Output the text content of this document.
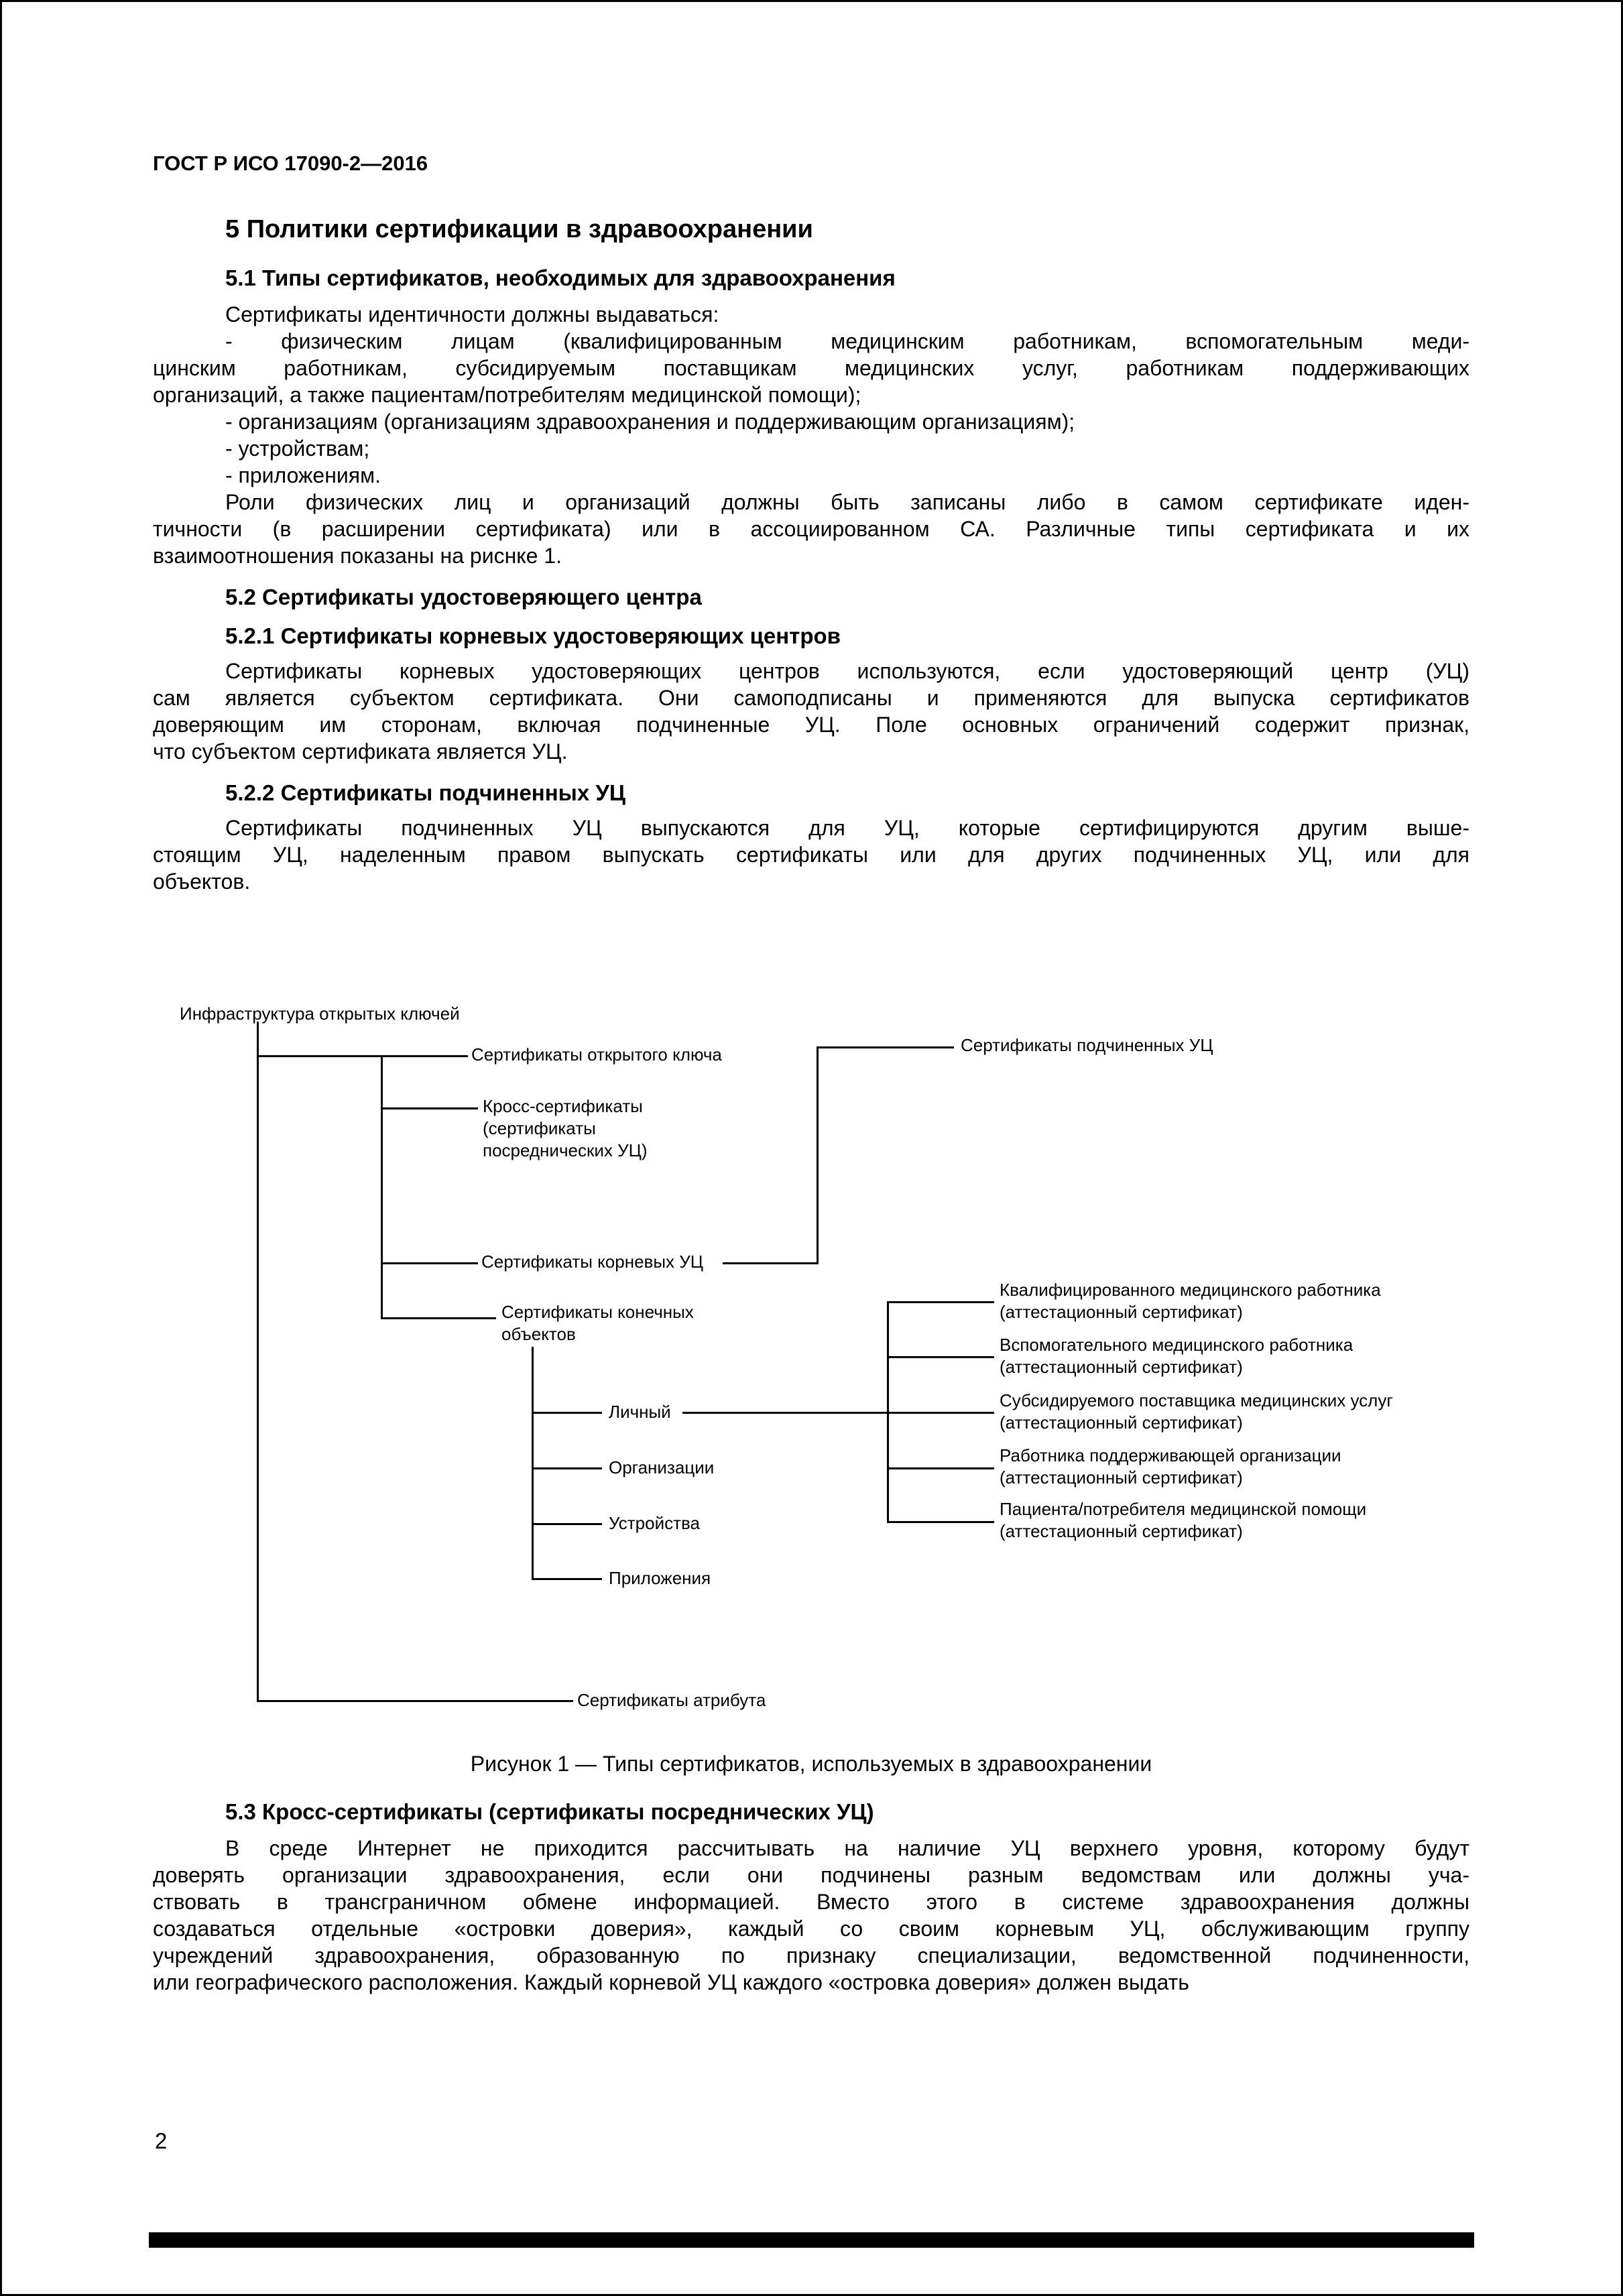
ГОСТ Р ИСО 17090-2—2016
5 Политики сертификации в здравоохранении
5.1 Типы сертификатов, необходимых для здравоохранения
Сертификаты идентичности должны выдаваться:
- физическим лицам (квалифицированным медицинским работникам, вспомогательным меди-
цинским работникам, субсидируемым поставщикам медицинских услуг, работникам поддерживающих
организаций, а также пациентам/потребителям медицинской помощи);
- организациям (организациям здравоохранения и поддерживающим организациям);
- устройствам;
- приложениям.
Роли физических лиц и организаций должны быть записаны либо в самом сертификате иден-
тичности (в расширении сертификата) или в ассоциированном СА. Различные типы сертификата и их
взаимоотношения показаны на риснке 1.
5.2 Сертификаты удостоверяющего центра
5.2.1 Сертификаты корневых удостоверяющих центров
Сертификаты корневых удостоверяющих центров используются, если удостоверяющий центр (УЦ)
сам является субъектом сертификата. Они самоподписаны и применяются для выпуска сертификатов
доверяющим им сторонам, включая подчиненные УЦ. Поле основных ограничений содержит признак,
что субъектом сертификата является УЦ.
5.2.2 Сертификаты подчиненных УЦ
Сертификаты подчиненных УЦ выпускаются для УЦ, которые сертифицируются другим выше-
стоящим УЦ, наделенным правом выпускать сертификаты или для других подчиненных УЦ, или для
объектов.
Инфраструктура открытых ключей
Сертификаты открытого ключа	Сертификаты подчиненных УЦ
Кросс-сертификаты
(сертификаты
посреднических УЦ)
Сертификаты корневых УЦ
Сертификаты конечных
объектов
Личный
Организации
Устройства
Приложения
Сертификаты атрибута
Квалифицированного медицинского работника
(аттестационный сертификат)
Вспомогательного медицинского работника
(аттестационный сертификат)
Субсидируемого поставщика медицинских услуг
(аттестационный сертификат)
Работника поддерживающей организации
(аттестационный сертификат)
Пациента/потребителя медицинской помощи
(аттестационный сертификат)
Рисунок 1 — Типы сертификатов, используемых в здравоохранении
5.3 Кросс-сертификаты (сертификаты посреднических УЦ)
В среде Интернет не приходится рассчитывать на наличие УЦ верхнего уровня, которому будут
доверять организации здравоохранения, если они подчинены разным ведомствам или должны уча-
ствовать в трансграничном обмене информацией. Вместо этого в системе здравоохранения должны
создаваться отдельные «островки доверия», каждый со своим корневым УЦ, обслуживающим группу
учреждений здравоохранения, образованную по признаку специализации, ведомственной подчиненности,
или географического расположения. Каждый корневой УЦ каждого «островка доверия» должен выдать
2
